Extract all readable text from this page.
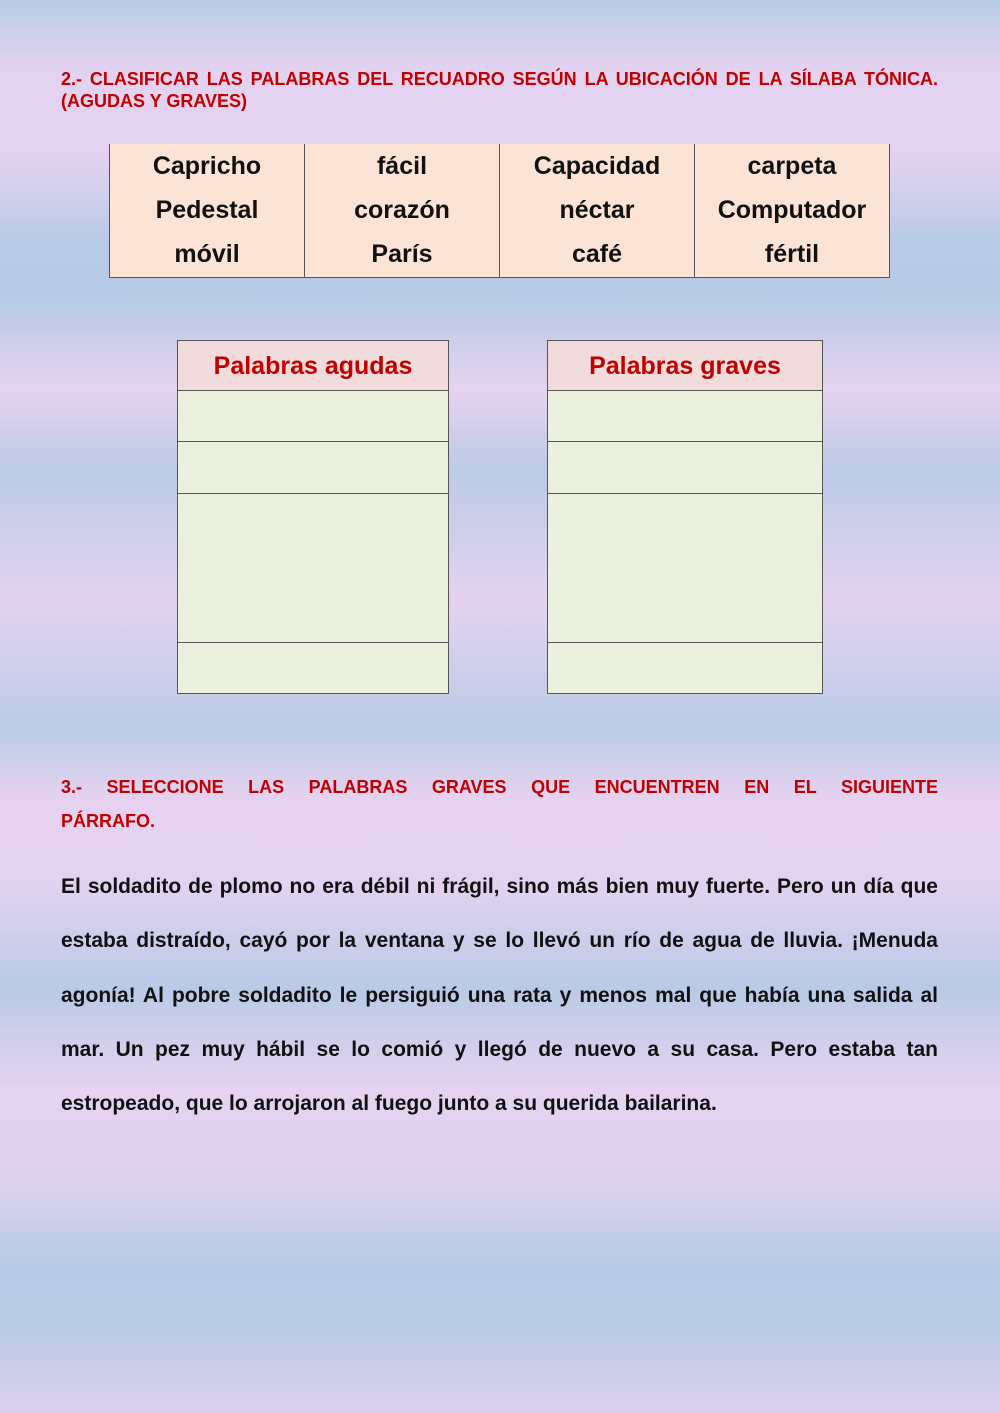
2.- CLASIFICAR LAS PALABRAS DEL RECUADRO SEGÚN LA UBICACIÓN DE LA SÍLABA TÓNICA. (AGUDAS Y GRAVES)
Capricho	fácil	Capacidad	carpeta
Pedestal	corazón	néctar	Computador
móvil	París	café	fértil
Palabras agudas	Palabras graves
3.- SELECCIONE LAS PALABRAS GRAVES QUE ENCUENTREN EN EL SIGUIENTE
PÁRRAFO.

El soldadito de plomo no era débil ni frágil, sino más bien muy fuerte. Pero un día que estaba distraído, cayó por la ventana y se lo llevó un río de agua de lluvia. ¡Menuda agonía! Al pobre soldadito le persiguió una rata y menos mal que había una salida al mar. Un pez muy hábil se lo comió y llegó de nuevo a su casa. Pero estaba tan estropeado, que lo arrojaron al fuego junto a su querida bailarina.
